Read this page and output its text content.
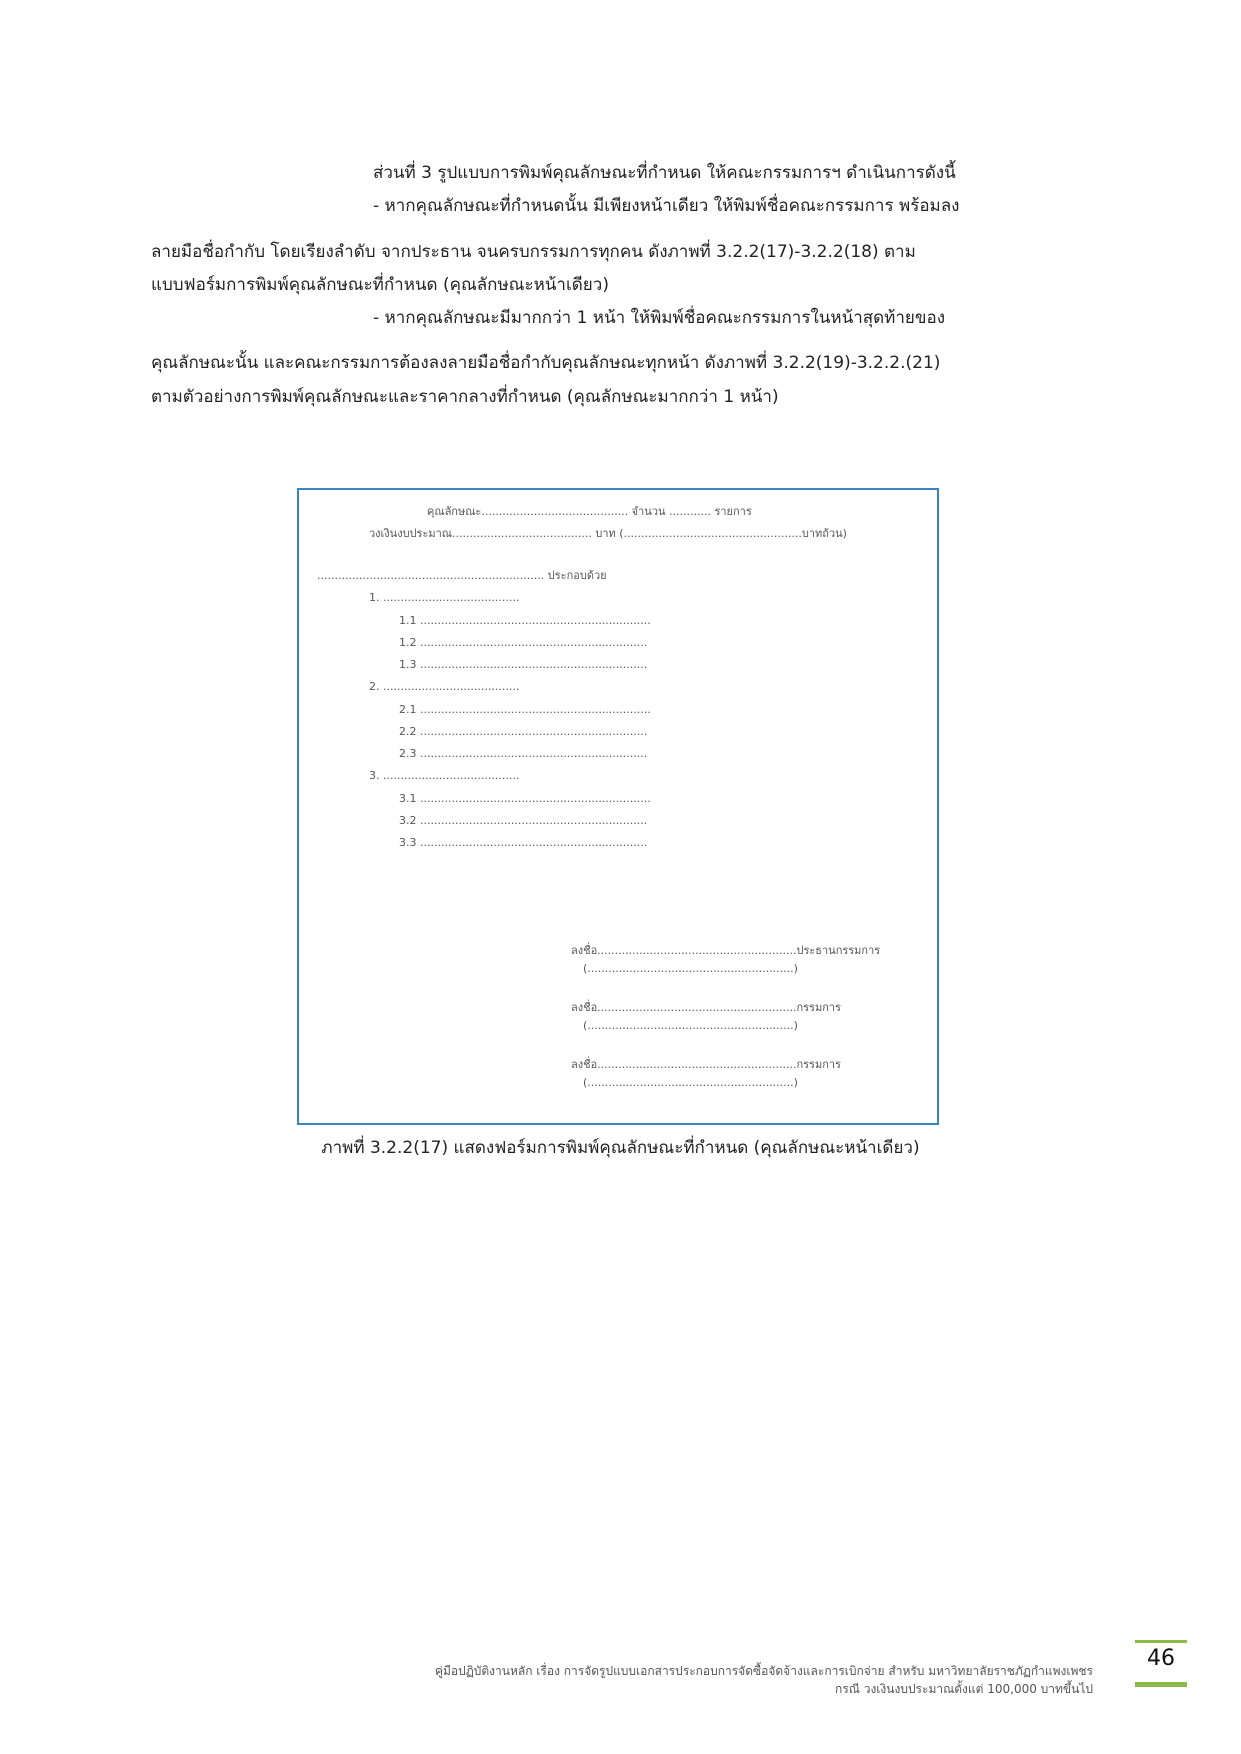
ส่วนที่ 3 รูปแบบการพิมพ์คุณลักษณะที่กำหนด ให้คณะกรรมการฯ ดำเนินการดังนี้
- หากคุณลักษณะที่กำหนดนั้น มีเพียงหน้าเดียว ให้พิมพ์ชื่อคณะกรรมการ พร้อมลง
ลายมือชื่อกำกับ โดยเรียงลำดับ จากประธาน จนครบกรรมการทุกคน ดังภาพที่ 3.2.2(17)-3.2.2(18) ตาม
แบบฟอร์มการพิมพ์คุณลักษณะที่กำหนด (คุณลักษณะหน้าเดียว)
- หากคุณลักษณะมีมากกว่า 1 หน้า ให้พิมพ์ชื่อคณะกรรมการในหน้าสุดท้ายของ
คุณลักษณะนั้น และคณะกรรมการต้องลงลายมือชื่อกำกับคุณลักษณะทุกหน้า ดังภาพที่ 3.2.2(19)-3.2.2.(21)
ตามตัวอย่างการพิมพ์คุณลักษณะและราคากลางที่กำหนด (คุณลักษณะมากกว่า 1 หน้า)
คุณลักษณะ.......................................... จำนวน ............ รายการ
วงเงินงบประมาณ........................................ บาท (...................................................บาทถ้วน)
................................................................. ประกอบด้วย
1. .......................................
1.1 ..................................................................
1.2 .................................................................
1.3 .................................................................
2. .......................................
2.1 ..................................................................
2.2 .................................................................
2.3 .................................................................
3. .......................................
3.1 ..................................................................
3.2 .................................................................
3.3 .................................................................
ลงชื่อ.........................................................ประธานกรรมการ
(...........................................................)
ลงชื่อ.........................................................กรรมการ
(...........................................................)
ลงชื่อ.........................................................กรรมการ
(...........................................................)
ภาพที่ 3.2.2(17) แสดงฟอร์มการพิมพ์คุณลักษณะที่กำหนด (คุณลักษณะหน้าเดียว)
คู่มือปฏิบัติงานหลัก เรื่อง การจัดรูปแบบเอกสารประกอบการจัดซื้อจัดจ้างและการเบิกจ่าย สำหรับ มหาวิทยาลัยราชภัฏกำแพงเพชร
กรณี วงเงินงบประมาณตั้งแต่ 100,000 บาทขึ้นไป
46
